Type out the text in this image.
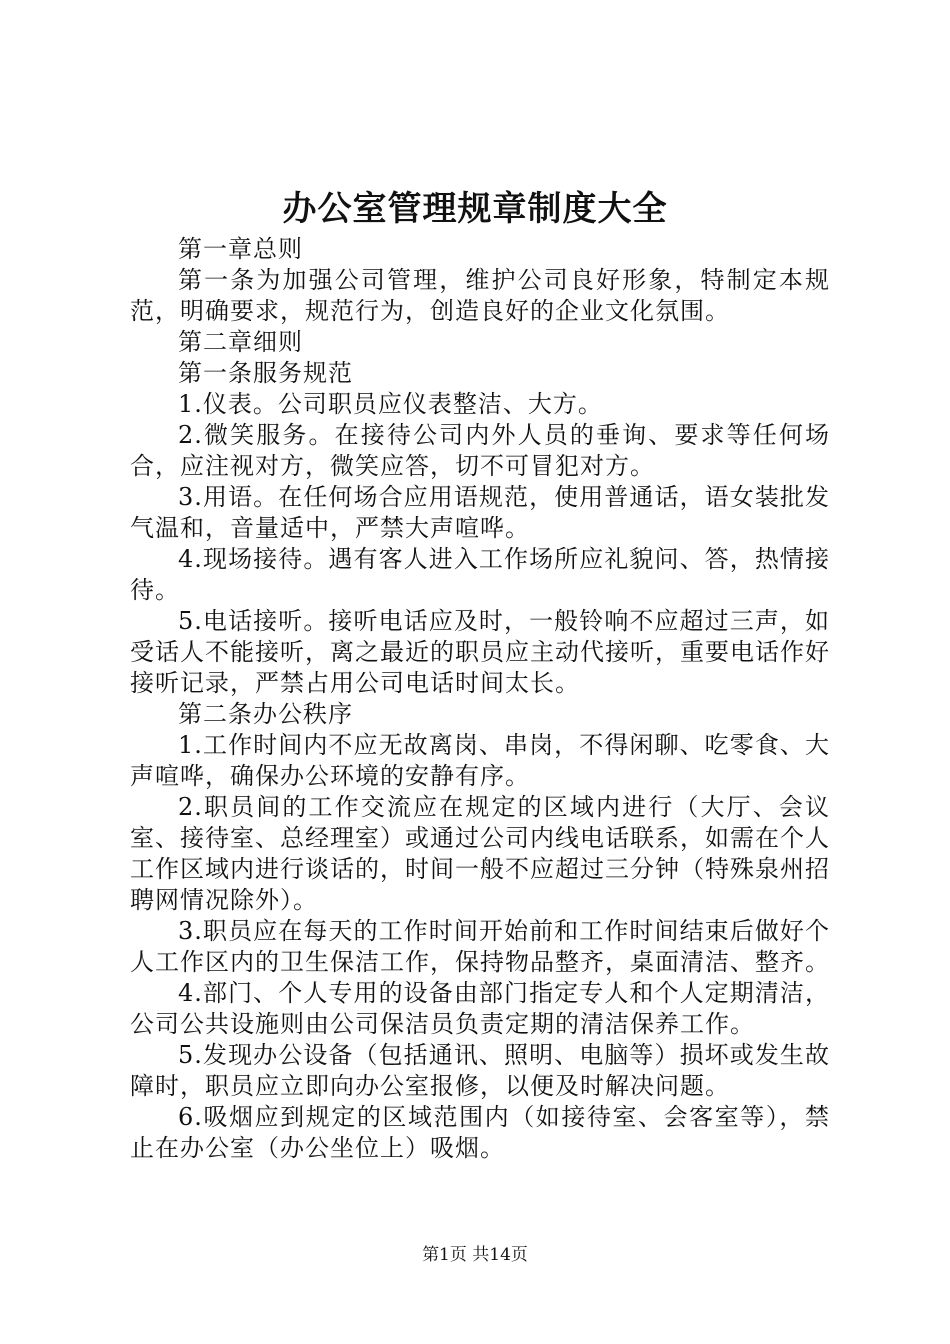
办公室管理规章制度大全

第一章总则

第一条为加强公司管理，维护公司良好形象，特制定本规范，明确要求，规范行为，创造良好的企业文化氛围。

第二章细则

第一条服务规范

1.仪表。公司职员应仪表整洁、大方。

2.微笑服务。在接待公司内外人员的垂询、要求等任何场合，应注视对方，微笑应答，切不可冒犯对方。

3.用语。在任何场合应用语规范，使用普通话，语女装批发气温和，音量适中，严禁大声喧哗。

4.现场接待。遇有客人进入工作场所应礼貌问、答，热情接待。

5.电话接听。接听电话应及时，一般铃响不应超过三声，如受话人不能接听，离之最近的职员应主动代接听，重要电话作好接听记录，严禁占用公司电话时间太长。

第二条办公秩序

1.工作时间内不应无故离岗、串岗，不得闲聊、吃零食、大声喧哗，确保办公环境的安静有序。

2.职员间的工作交流应在规定的区域内进行（大厅、会议室、接待室、总经理室）或通过公司内线电话联系，如需在个人工作区域内进行谈话的，时间一般不应超过三分钟（特殊泉州招聘网情况除外）。

3.职员应在每天的工作时间开始前和工作时间结束后做好个人工作区内的卫生保洁工作，保持物品整齐，桌面清洁、整齐。

4.部门、个人专用的设备由部门指定专人和个人定期清洁，公司公共设施则由公司保洁员负责定期的清洁保养工作。

5.发现办公设备（包括通讯、照明、电脑等）损坏或发生故障时，职员应立即向办公室报修，以便及时解决问题。

6.吸烟应到规定的区域范围内（如接待室、会客室等），禁止在办公室（办公坐位上）吸烟。

第1页 共14页
